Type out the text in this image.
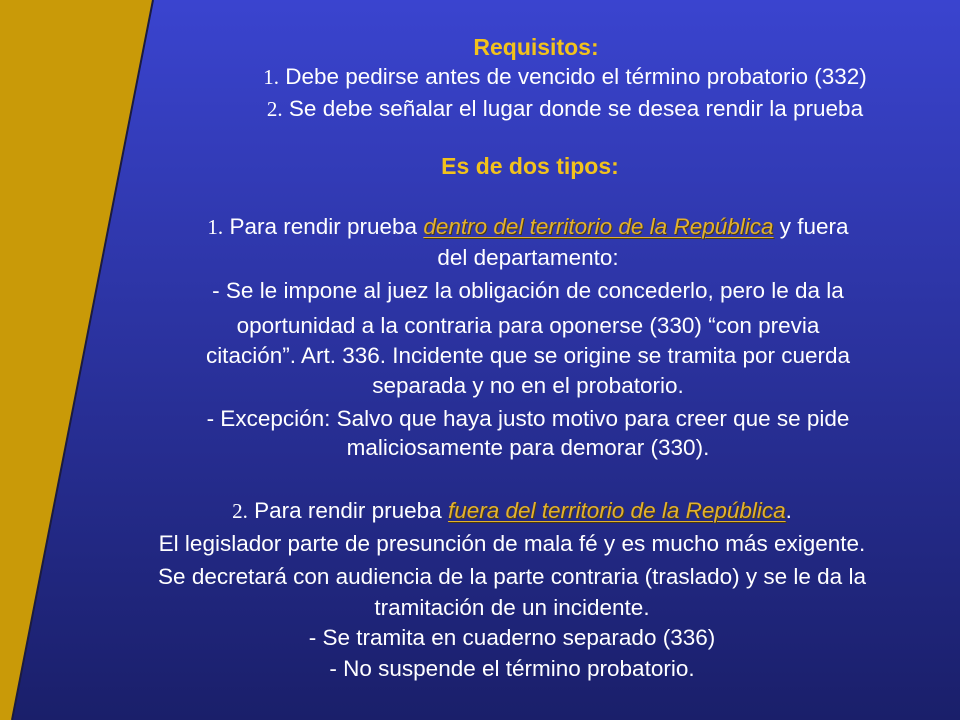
Requisitos:
1. Debe pedirse antes de vencido el término probatorio (332)
2. Se debe señalar el lugar donde se desea rendir la prueba
Es de dos tipos:
1. Para rendir prueba dentro del territorio de la República y fuera
del departamento:
- Se le impone al juez la obligación de concederlo, pero le da la
oportunidad a la contraria para oponerse (330) “con previa
citación”. Art. 336. Incidente que se origine se tramita por cuerda
separada y no en el probatorio.
- Excepción: Salvo que haya justo motivo para creer que se pide
maliciosamente para demorar (330).
2. Para rendir prueba fuera del territorio de la República.
El legislador parte de presunción de mala fé y es mucho más exigente.
Se decretará con audiencia de la parte contraria (traslado) y se le da la
tramitación de un incidente.
- Se tramita en cuaderno separado (336)
- No suspende el término probatorio.
